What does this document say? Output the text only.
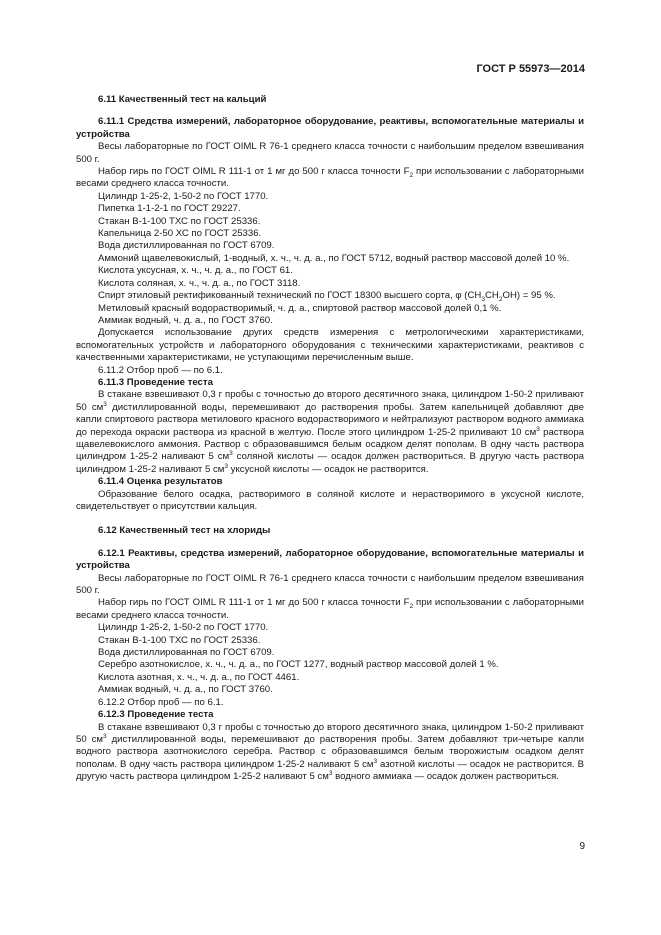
ГОСТ Р 55973—2014

6.11 Качественный тест на кальций

6.11.1 Средства измерений, лабораторное оборудование, реактивы, вспомогательные материалы и устройства

Весы лабораторные по ГОСТ OIML R 76-1 среднего класса точности с наибольшим пределом взвешивания 500 г.

Набор гирь по ГОСТ OIML R 111-1 от 1 мг до 500 г класса точности $F_2$ при использовании с лабораторными весами среднего класса точности.

Цилиндр 1-25-2, 1-50-2 по ГОСТ 1770.

Пипетка 1-1-2-1 по ГОСТ 29227.

Стакан В-1-100 ТХС по ГОСТ 25336.

Капельница 2-50 ХС по ГОСТ 25336.

Вода дистиллированная по ГОСТ 6709.

Аммоний щавелевокислый, 1-водный, х. ч., ч. д. а., по ГОСТ 5712, водный раствор массовой долей 10 %.

Кислота уксусная, х. ч., ч. д. а., по ГОСТ 61.

Кислота соляная, х. ч., ч. д. а., по ГОСТ 3118.

Спирт этиловый ректификованный технический по ГОСТ 18300 высшего сорта, φ $(CH_3CH_2OH) = 95$ %.

Метиловый красный водорастворимый, ч. д. а., спиртовой раствор массовой долей 0,1 %.

Аммиак водный, ч. д. а., по ГОСТ 3760.

Допускается использование других средств измерения с метрологическими характеристиками, вспомогательных устройств и лабораторного оборудования с техническими характеристиками, реактивов с качественными характеристиками, не уступающими перечисленным выше.

6.11.2 Отбор проб — по 6.1.

6.11.3 Проведение теста

В стакане взвешивают 0,3 г пробы с точностью до второго десятичного знака, цилиндром 1-50-2 приливают 50 $см^3$ дистиллированной воды, перемешивают до растворения пробы. Затем капельницей добавляют две капли спиртового раствора метилового красного водорастворимого и нейтрализуют раствором водного аммиака до перехода окраски раствора из красной в желтую. После этого цилиндром 1-25-2 приливают 10 $см^3$ раствора щавелевокислого аммония. Раствор с образовавшимся белым осадком делят пополам. В одну часть раствора цилиндром 1-25-2 наливают 5 $см^3$ соляной кислоты — осадок должен раствориться. В другую часть раствора цилиндром 1-25-2 наливают 5 $см^3$ уксусной кислоты — осадок не растворится.

6.11.4 Оценка результатов

Образование белого осадка, растворимого в соляной кислоте и нерастворимого в уксусной кислоте, свидетельствует о присутствии кальция.

6.12 Качественный тест на хлориды

6.12.1 Реактивы, средства измерений, лабораторное оборудование, вспомогательные материалы и устройства

Весы лабораторные по ГОСТ OIML R 76-1 среднего класса точности с наибольшим пределом взвешивания 500 г.

Набор гирь по ГОСТ OIML R 111-1 от 1 мг до 500 г класса точности $F_2$ при использовании с лабораторными весами среднего класса точности.

Цилиндр 1-25-2, 1-50-2 по ГОСТ 1770.

Стакан В-1-100 ТХС по ГОСТ 25336.

Вода дистиллированная по ГОСТ 6709.

Серебро азотнокислое, х. ч., ч. д. а., по ГОСТ 1277, водный раствор массовой долей 1 %.

Кислота азотная, х. ч., ч. д. а., по ГОСТ 4461.

Аммиак водный, ч. д. а., по ГОСТ 3760.

6.12.2 Отбор проб — по 6.1.

6.12.3 Проведение теста

В стакане взвешивают 0,3 г пробы с точностью до второго десятичного знака, цилиндром 1-50-2 приливают 50 $см^3$ дистиллированной воды, перемешивают до растворения пробы. Затем добавляют три-четыре капли водного раствора азотнокислого серебра. Раствор с образовавшимся белым творожистым осадком делят пополам. В одну часть раствора цилиндром 1-25-2 наливают 5 $см^3$ азотной кислоты — осадок не растворится. В другую часть раствора цилиндром 1-25-2 наливают 5 $см^3$ водного аммиака — осадок должен раствориться.

9
